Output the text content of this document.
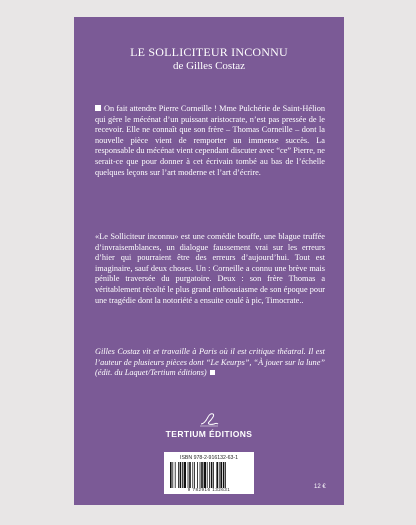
LE SOLLICITEUR INCONNU
de Gilles Costaz
On fait attendre Pierre Corneille ! Mme Pulchérie de Saint-Hélion qui gère le mécénat d’un puissant aristocrate, n’est pas pressée de le recevoir. Elle ne connaît que son frère – Thomas Corneille – dont la nouvelle pièce vient de remporter un immense succès. La responsable du mécénat vient cependant discuter avec “ce” Pierre, ne serait-ce que pour donner à cet écrivain tombé au bas de l’échelle quelques leçons sur l’art moderne et l’art d’écrire.
«Le Solliciteur inconnu» est une comédie bouffe, une blague truffée d’invraisemblances, un dialogue faussement vrai sur les erreurs d’hier qui pourraient être des erreurs d’aujourd’hui. Tout est imaginaire, sauf deux choses. Un : Corneille a connu une brève mais pénible traversée du purgatoire. Deux : son frère Thomas a véritablement récolté le plus grand enthousiasme de son époque pour une tragédie dont la notoriété a ensuite coulé à pic, Timocrate..
Gilles Costaz vit et travaille à Paris où il est critique théatral. Il est l’auteur de plusieurs pièces dont “Le Keurps”, “À jouer sur la lune” (édit. du Laquet/Tertium éditions)
TERTIUM ÉDITIONS
ISBN 978-2-916132-63-1
9 782916 132631	12 €
